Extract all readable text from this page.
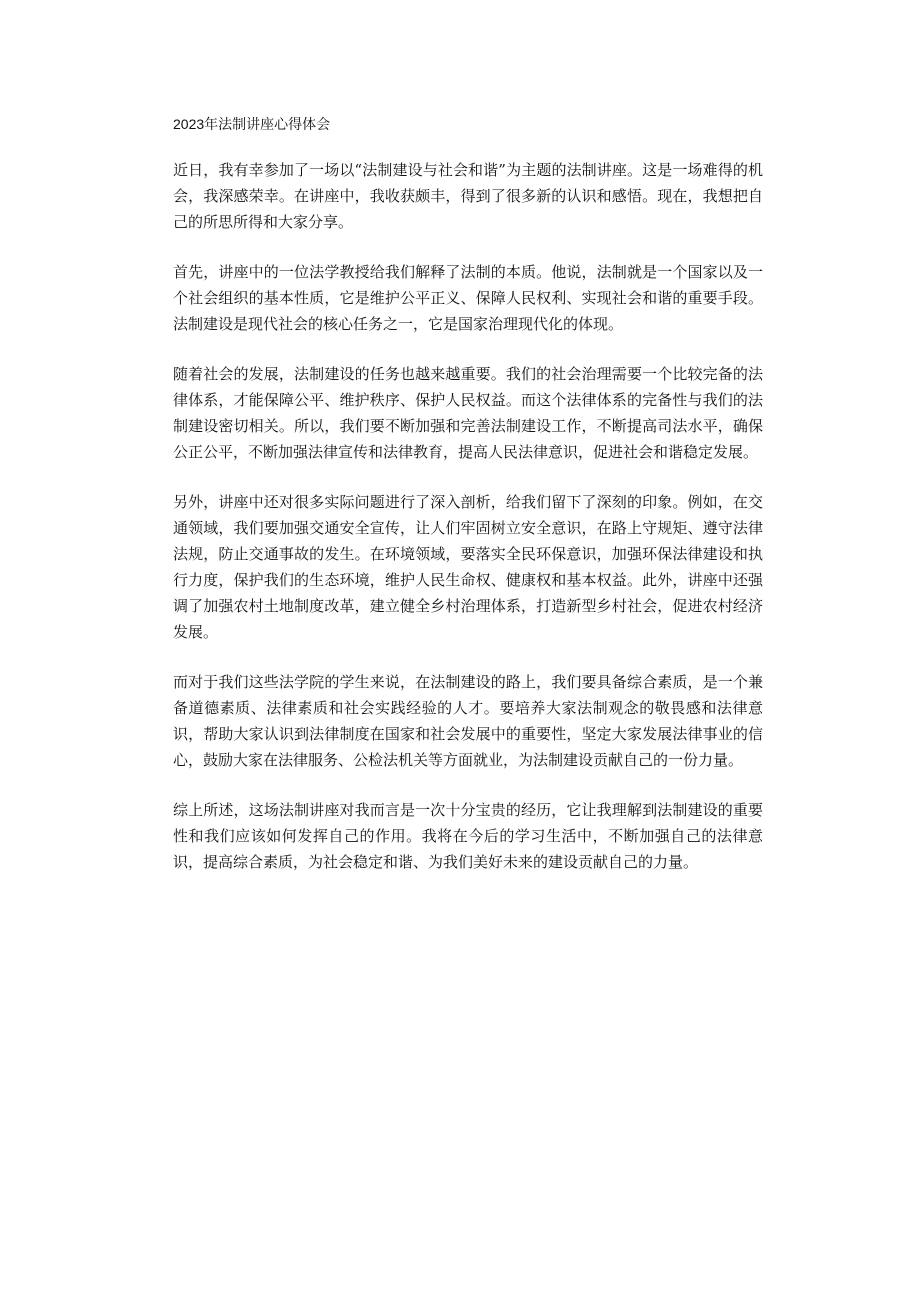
2023年法制讲座心得体会

近日，我有幸参加了一场以“法制建设与社会和谐”为主题的法制讲座。这是一场难得的机会，我深感荣幸。在讲座中，我收获颇丰，得到了很多新的认识和感悟。现在，我想把自己的所思所得和大家分享。

首先，讲座中的一位法学教授给我们解释了法制的本质。他说，法制就是一个国家以及一个社会组织的基本性质，它是维护公平正义、保障人民权利、实现社会和谐的重要手段。法制建设是现代社会的核心任务之一，它是国家治理现代化的体现。

随着社会的发展，法制建设的任务也越来越重要。我们的社会治理需要一个比较完备的法律体系，才能保障公平、维护秩序、保护人民权益。而这个法律体系的完备性与我们的法制建设密切相关。所以，我们要不断加强和完善法制建设工作，不断提高司法水平，确保公正公平，不断加强法律宣传和法律教育，提高人民法律意识，促进社会和谐稳定发展。

另外，讲座中还对很多实际问题进行了深入剖析，给我们留下了深刻的印象。例如，在交通领域，我们要加强交通安全宣传，让人们牢固树立安全意识，在路上守规矩、遵守法律法规，防止交通事故的发生。在环境领域，要落实全民环保意识，加强环保法律建设和执行力度，保护我们的生态环境，维护人民生命权、健康权和基本权益。此外，讲座中还强调了加强农村土地制度改革，建立健全乡村治理体系，打造新型乡村社会，促进农村经济发展。

而对于我们这些法学院的学生来说，在法制建设的路上，我们要具备综合素质，是一个兼备道德素质、法律素质和社会实践经验的人才。要培养大家法制观念的敬畏感和法律意识，帮助大家认识到法律制度在国家和社会发展中的重要性，坚定大家发展法律事业的信心，鼓励大家在法律服务、公检法机关等方面就业，为法制建设贡献自己的一份力量。

综上所述，这场法制讲座对我而言是一次十分宝贵的经历，它让我理解到法制建设的重要性和我们应该如何发挥自己的作用。我将在今后的学习生活中，不断加强自己的法律意识，提高综合素质，为社会稳定和谐、为我们美好未来的建设贡献自己的力量。
